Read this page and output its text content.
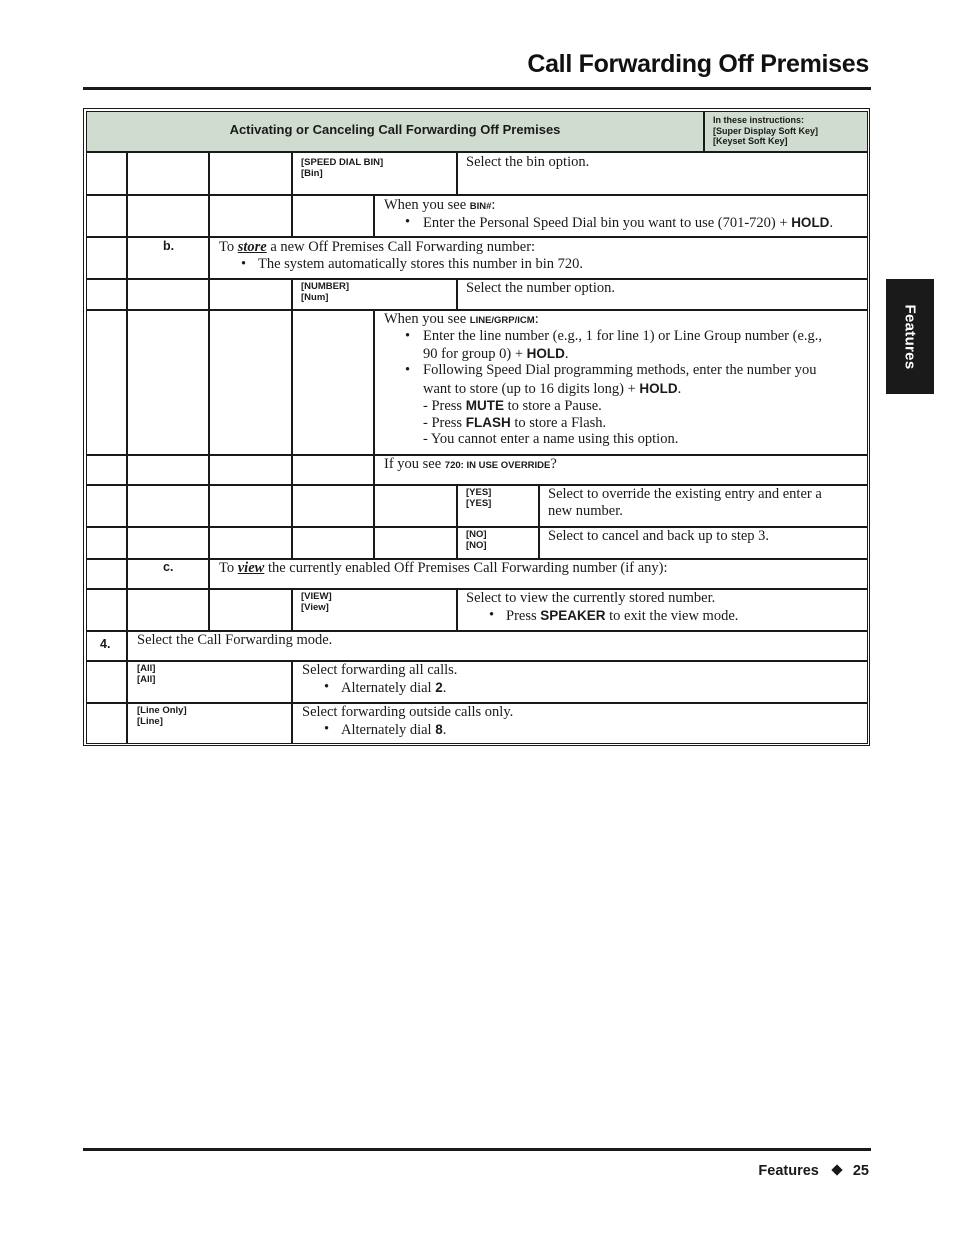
Call Forwarding Off Premises
Features
Activating or Canceling Call Forwarding Off Premises
In these instructions:
[Super Display Soft Key]
[Keyset Soft Key]
[SPEED DIAL BIN]
[Bin]
Select the bin option.
When you see BIN#:
• Enter the Personal Speed Dial bin you want to use (701-720) + HOLD.
b.	To store a new Off Premises Call Forwarding number:
• The system automatically stores this number in bin 720.
[NUMBER]
[Num]
Select the number option.
When you see LINE/GRP/ICM:
• Enter the line number (e.g., 1 for line 1) or Line Group number (e.g.,
90 for group 0) + HOLD.
• Following Speed Dial programming methods, enter the number you
want to store (up to 16 digits long) + HOLD.
- Press MUTE to store a Pause.
- Press FLASH to store a Flash.
- You cannot enter a name using this option.
If you see 720: IN USE OVERRIDE?
[YES]
[YES]
Select to override the existing entry and enter a
new number.
[NO]
[NO]
Select to cancel and back up to step 3.
c.	To view the currently enabled Off Premises Call Forwarding number (if any):
[VIEW]
[View]
Select to view the currently stored number.
• Press SPEAKER to exit the view mode.
4. Select the Call Forwarding mode.
[All]
[All]
Select forwarding all calls.
• Alternately dial 2.
[Line Only]
[Line]
Select forwarding outside calls only.
• Alternately dial 8.
Features 25
